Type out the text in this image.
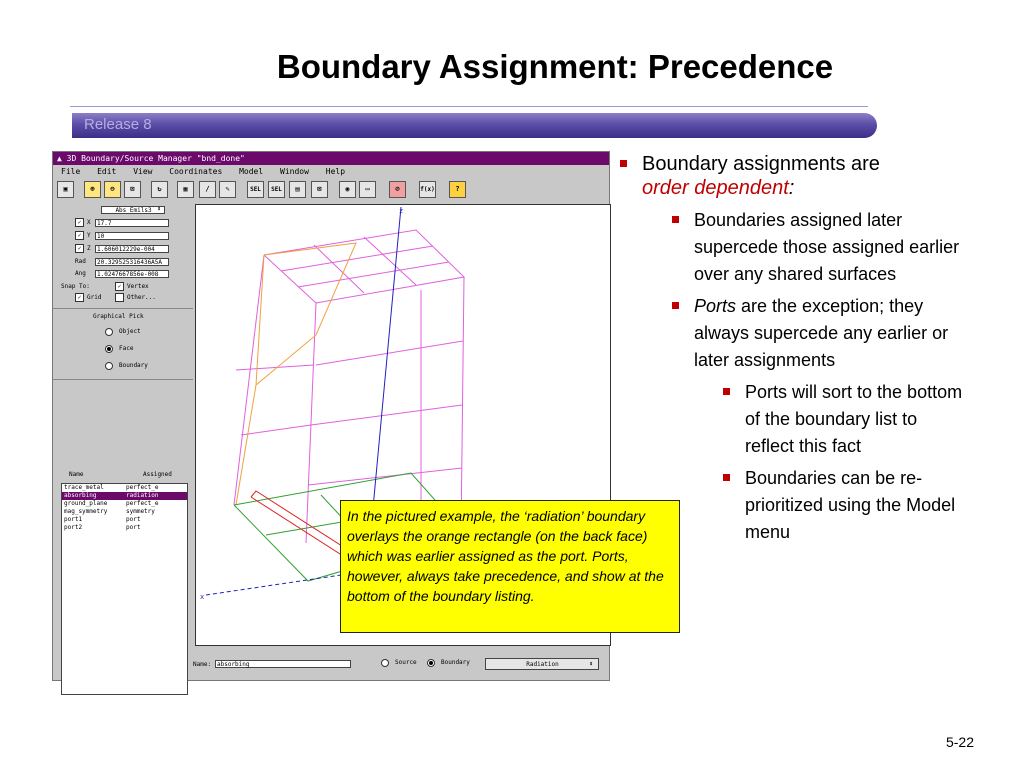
Boundary Assignment: Precedence
Release 8
▲ 3D Boundary/Source Manager "bnd_done"
File Edit View Coordinates Model Window Help
▣	⊕	⊖	⊠	↻	▦	∕	✎	SEL	SEL	▤	⊠	◉	▭	⊘	f(x)	?
Abs Emils3 ⬍
✓ X	17.7
✓ Y	10
✓ Z	1.606012229e-004
Rad	20.329525316436A5A
Ang	1.0247667856e-008
Snap To:	✓ Vertex
✓ Grid	Other...
Graphical Pick
Object
Face
Boundary
Name	Assigned
trace_metal	perfect_e
absorbing	radiation
ground_plane	perfect_e
mag_symmetry	symmetry
port1	port
port2	port
z
x
Name: absorbing	Source	Boundary	Radiation	⬍
Boundary assignments are
order dependent:
Boundaries assigned later supercede those assigned earlier over any shared surfaces
Ports are the exception; they always supercede any earlier or later assignments
Ports will sort to the bottom of the boundary list to reflect this fact
Boundaries can be re-prioritized using the Model menu
In the pictured example, the ‘radiation’ boundary overlays the orange rectangle (on the back face) which was earlier assigned as the port. Ports, however, always take precedence, and show at the bottom of the boundary listing.
5-22
